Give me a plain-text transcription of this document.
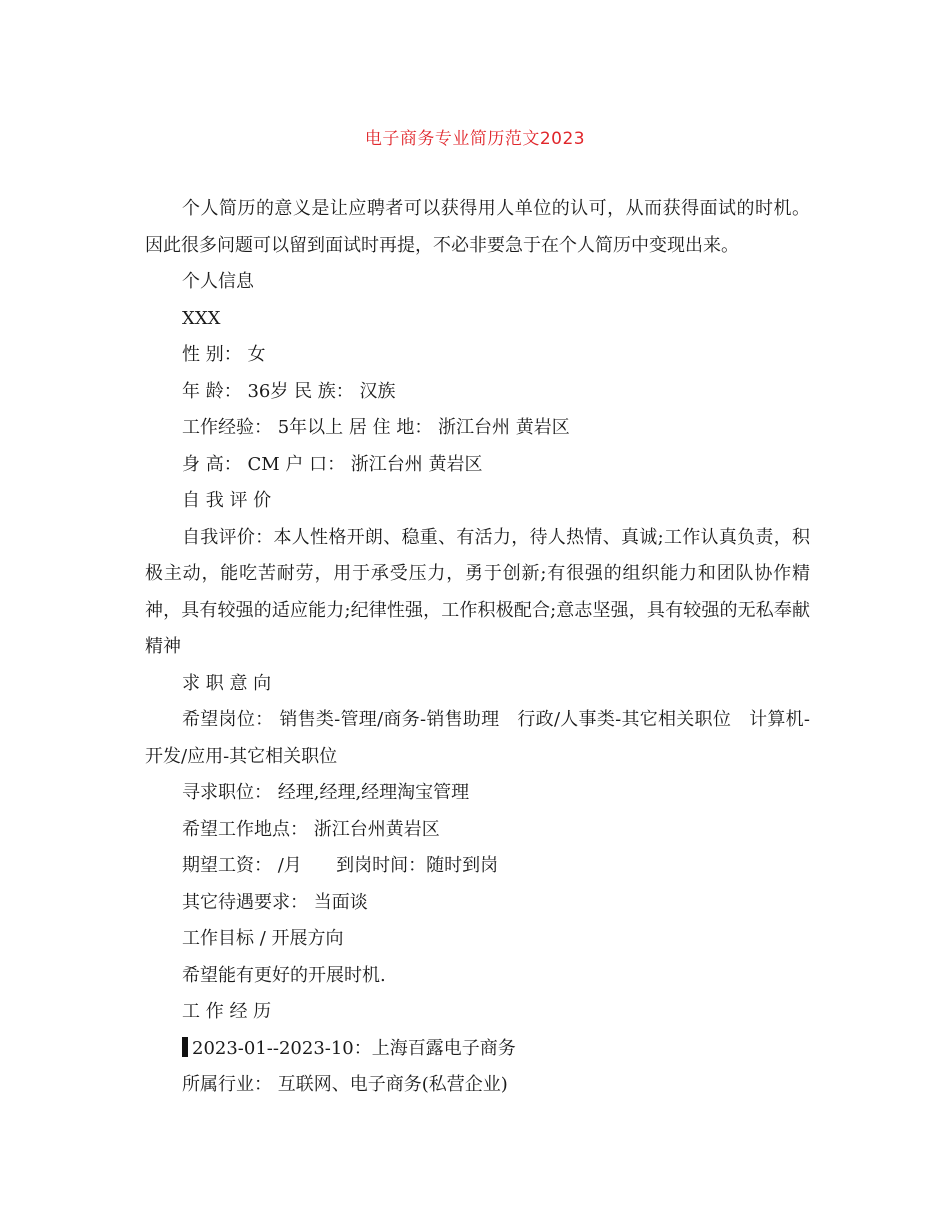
电子商务专业简历范文2023

个人简历的意义是让应聘者可以获得用人单位的认可，从而获得面试的时机。因此很多问题可以留到面试时再提，不必非要急于在个人简历中变现出来。

个人信息

XXX

性 别： 女

年 龄： 36岁 民 族： 汉族

工作经验： 5年以上 居 住 地： 浙江台州 黄岩区

身 高： CM 户 口： 浙江台州 黄岩区

自 我 评 价

自我评价：本人性格开朗、稳重、有活力，待人热情、真诚;工作认真负责，积极主动，能吃苦耐劳，用于承受压力，勇于创新;有很强的组织能力和团队协作精神，具有较强的适应能力;纪律性强，工作积极配合;意志坚强，具有较强的无私奉献精神

求 职 意 向

希望岗位： 销售类-管理/商务-销售助理   行政/人事类-其它相关职位   计算机-开发/应用-其它相关职位

寻求职位： 经理,经理,经理淘宝管理

希望工作地点： 浙江台州黄岩区

期望工资： /月      到岗时间：随时到岗

其它待遇要求： 当面谈

工作目标 / 开展方向

希望能有更好的开展时机.

工 作 经 历

2023-01--2023-10：上海百露电子商务

所属行业： 互联网、电子商务(私营企业)
